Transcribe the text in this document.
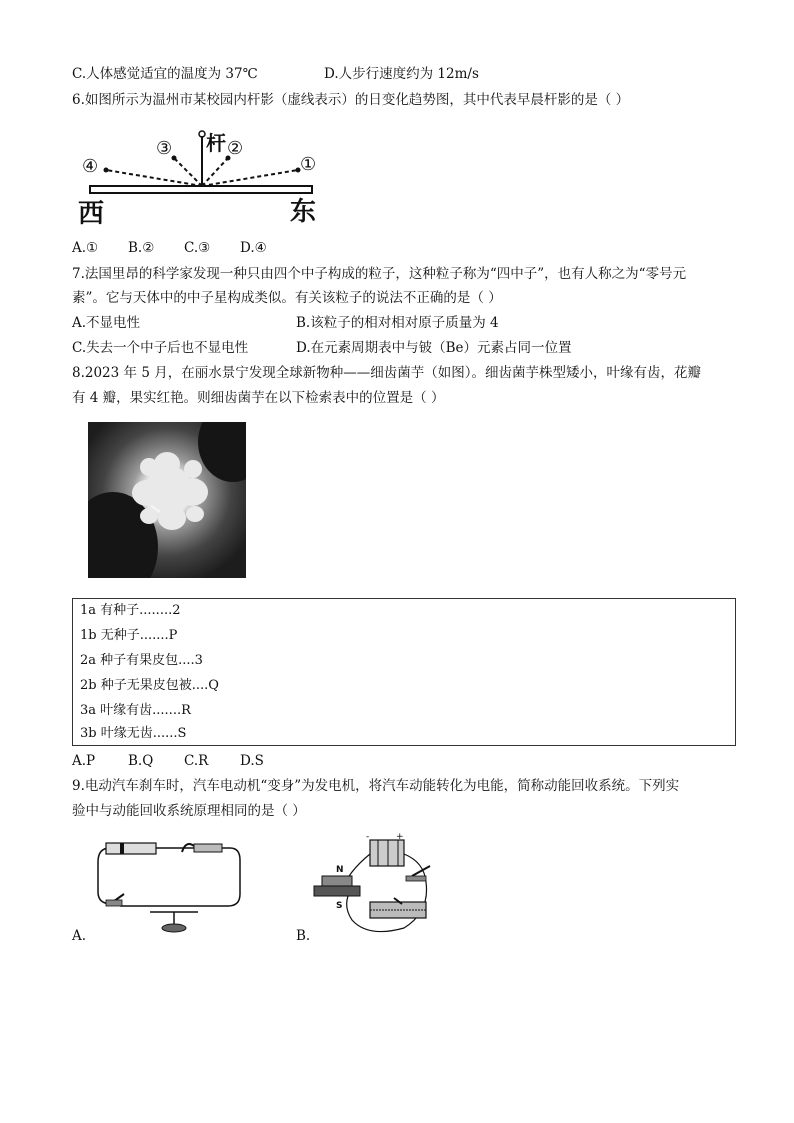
C.人体感觉适宜的温度为 37℃	D.人步行速度约为 12m/s
6.如图所示为温州市某校园内杆影（虚线表示）的日变化趋势图，其中代表早晨杆影的是（ ）
④
③	②
①
杆
西	东
A.① B.② C.③ D.④
7.法国里昂的科学家发现一种只由四个中子构成的粒子，这种粒子称为“四中子”，也有人称之为“零号元
素”。它与天体中的中子星构成类似。有关该粒子的说法不正确的是（ ）
A.不显电性	B.该粒子的相对相对原子质量为 4
C.失去一个中子后也不显电性	D.在元素周期表中与铍（Be）元素占同一位置
8.2023 年 5 月，在丽水景宁发现全球新物种——细齿菌芋（如图）。细齿菌芋株型矮小，叶缘有齿，花瓣
有 4 瓣，果实红艳。则细齿菌芋在以下检索表中的位置是（ ）
1a 有种子........2
1b 无种子.......P
2a 种子有果皮包....3
2b 种子无果皮包被....Q
3a 叶缘有齿.......R
3b 叶缘无齿......S
A.P B.Q C.R D.S
9.电动汽车刹车时，汽车电动机“变身”为发电机，将汽车动能转化为电能，简称动能回收系统。下列实
验中与动能回收系统原理相同的是（ ）
A.
+
-
N
S
B.
